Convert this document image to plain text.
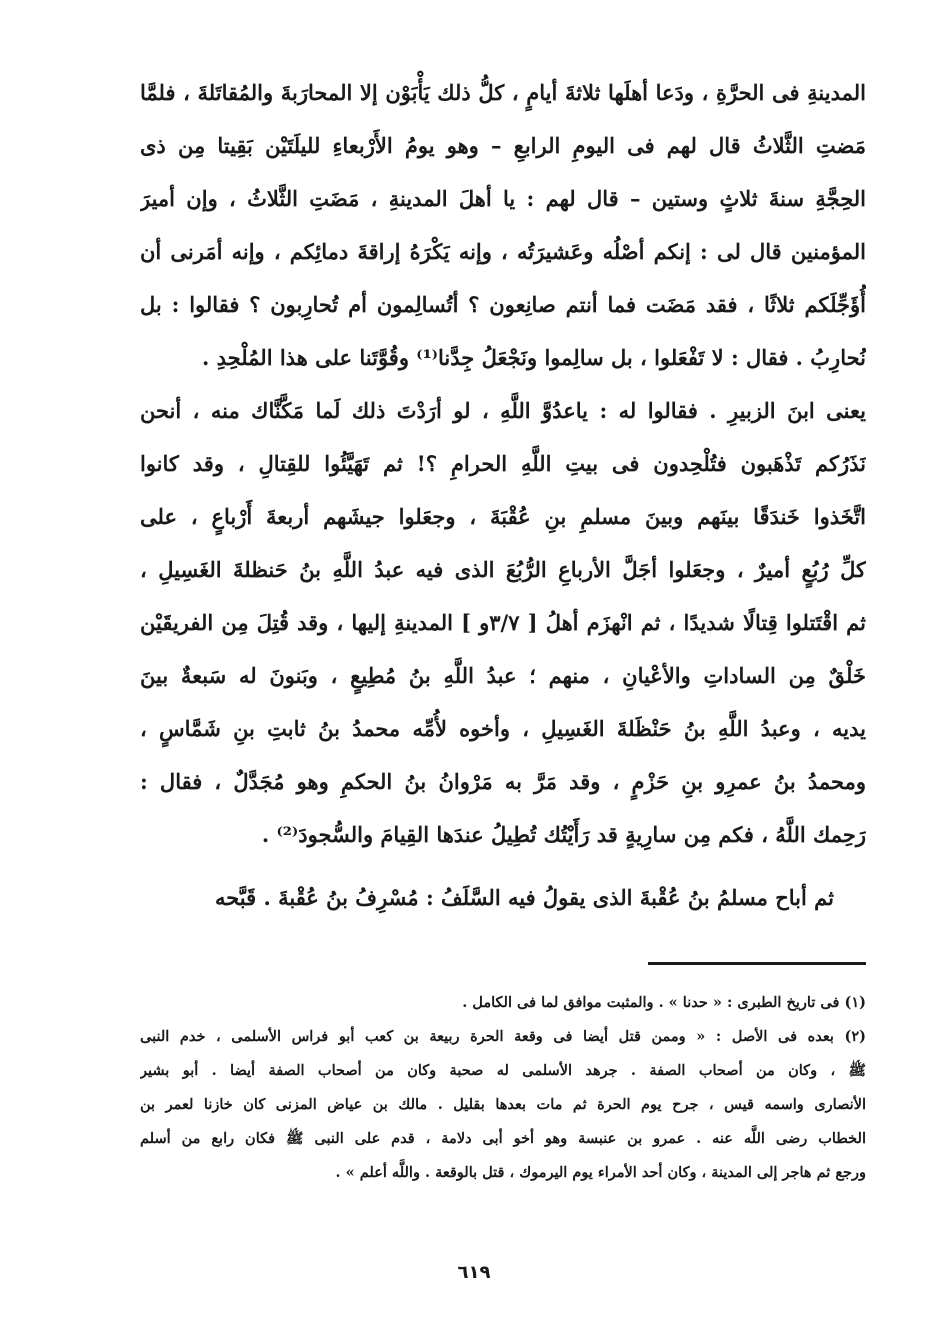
المدينةِ فى الحرَّةِ ، ودَعا أهلَها ثلاثةَ أيامٍ ، كلُّ ذلك يَأْبَوْن إلا المحارَبةَ والمُقاتَلةَ ، فلمَّا
مَضتِ الثَّلاثُ قال لهم فى اليومِ الرابعِ – وهو يومُ الأَرْبعاءِ لليلَتَيْن بَقِيتا مِن ذى
الحِجَّةِ سنةَ ثلاثٍ وستين – قال لهم : يا أهلَ المدينةِ ، مَضَتِ الثَّلاثُ ، وإن أميرَ
المؤمنين قال لى : إنكم أصْلُه وعَشيرَتُه ، وإنه يَكْرَهُ إراقةَ دمائِكم ، وإنه أمَرنى أن
أُؤَجِّلَكم ثلاثًا ، فقد مَضَت فما أنتم صانِعون ؟ أتُسالِمون أم تُحارِبون ؟ فقالوا : بل
نُحارِبُ . فقال : لا تَفْعَلوا ، بل سالِموا ونَجْعَلُ جِدَّنا⁽¹⁾ وقُوَّتَنا على هذا المُلْحِدِ .
يعنى ابنَ الزبيرِ . فقالوا له : ياعدُوَّ اللَّهِ ، لو أرَدْتَ ذلك لَما مَكَّنَّاك منه ، أنحن
نَذَرُكم تَذْهَبون فتُلْحِدون فى بيتِ اللَّهِ الحرامِ ؟! ثم تَهَيَّئُوا للقِتالِ ، وقد كانوا
اتَّخَذوا خَندَقًا بينَهم وبينَ مسلمِ بنِ عُقْبَةَ ، وجعَلوا جيشَهم أربعةَ أَرْباعٍ ، على
كلِّ رُبُعٍ أميرٌ ، وجعَلوا أجَلَّ الأرباعِ الرُّبُعَ الذى فيه عبدُ اللَّهِ بنُ حَنظلةَ الغَسِيلِ ،
ثم اقْتَتلوا قِتالًا شديدًا ، ثم انْهزَم أهلُ [ ٣/٧و ] المدينةِ إليها ، وقد قُتِلَ مِن الفريقَيْن
خَلْقٌ مِن الساداتِ والأعْيانِ ، منهم ؛ عبدُ اللَّهِ بنُ مُطِيعٍ ، وبَنونَ له سَبعةٌ بينَ
يديه ، وعبدُ اللَّهِ بنُ حَنْظَلةَ الغَسِيلِ ، وأخوه لأُمِّه محمدُ بنُ ثابتِ بنِ شَمَّاسٍ ،
ومحمدُ بنُ عمرِو بنِ حَزْمٍ ، وقد مَرَّ به مَرْوانُ بنُ الحكمِ وهو مُجَدَّلٌ ، فقال :
رَحِمك اللَّهُ ، فكم مِن سارِيةٍ قد رَأَيْتُك تُطِيلُ عندَها القِيامَ والسُّجودَ⁽²⁾ .
ثم أباح مسلمُ بنُ عُقْبةَ الذى يقولُ فيه السَّلَفُ : مُسْرِفُ بنُ عُقْبةَ . قَبَّحه
(١) فى تاريخ الطبرى : « حدنا » . والمثبت موافق لما فى الكامل .
(٢) بعده فى الأصل : « وممن قتل أيضا فى وقعة الحرة ربيعة بن كعب أبو فراس الأسلمى ، خدم النبى
ﷺ ، وكان من أصحاب الصفة . جرهد الأسلمى له صحبة وكان من أصحاب الصفة أيضا . أبو بشير
الأنصارى واسمه قيس ، جرح يوم الحرة ثم مات بعدها بقليل . مالك بن عياض المزنى كان خازنا لعمر بن
الخطاب رضى اللَّه عنه . عمرو بن عنبسة وهو أخو أبى دلامة ، قدم على النبى ﷺ فكان رابع من أسلم
ورجع ثم هاجر إلى المدينة ، وكان أحد الأمراء يوم اليرموك ، قتل بالوقعة . واللَّه أعلم » .
٦١٩
